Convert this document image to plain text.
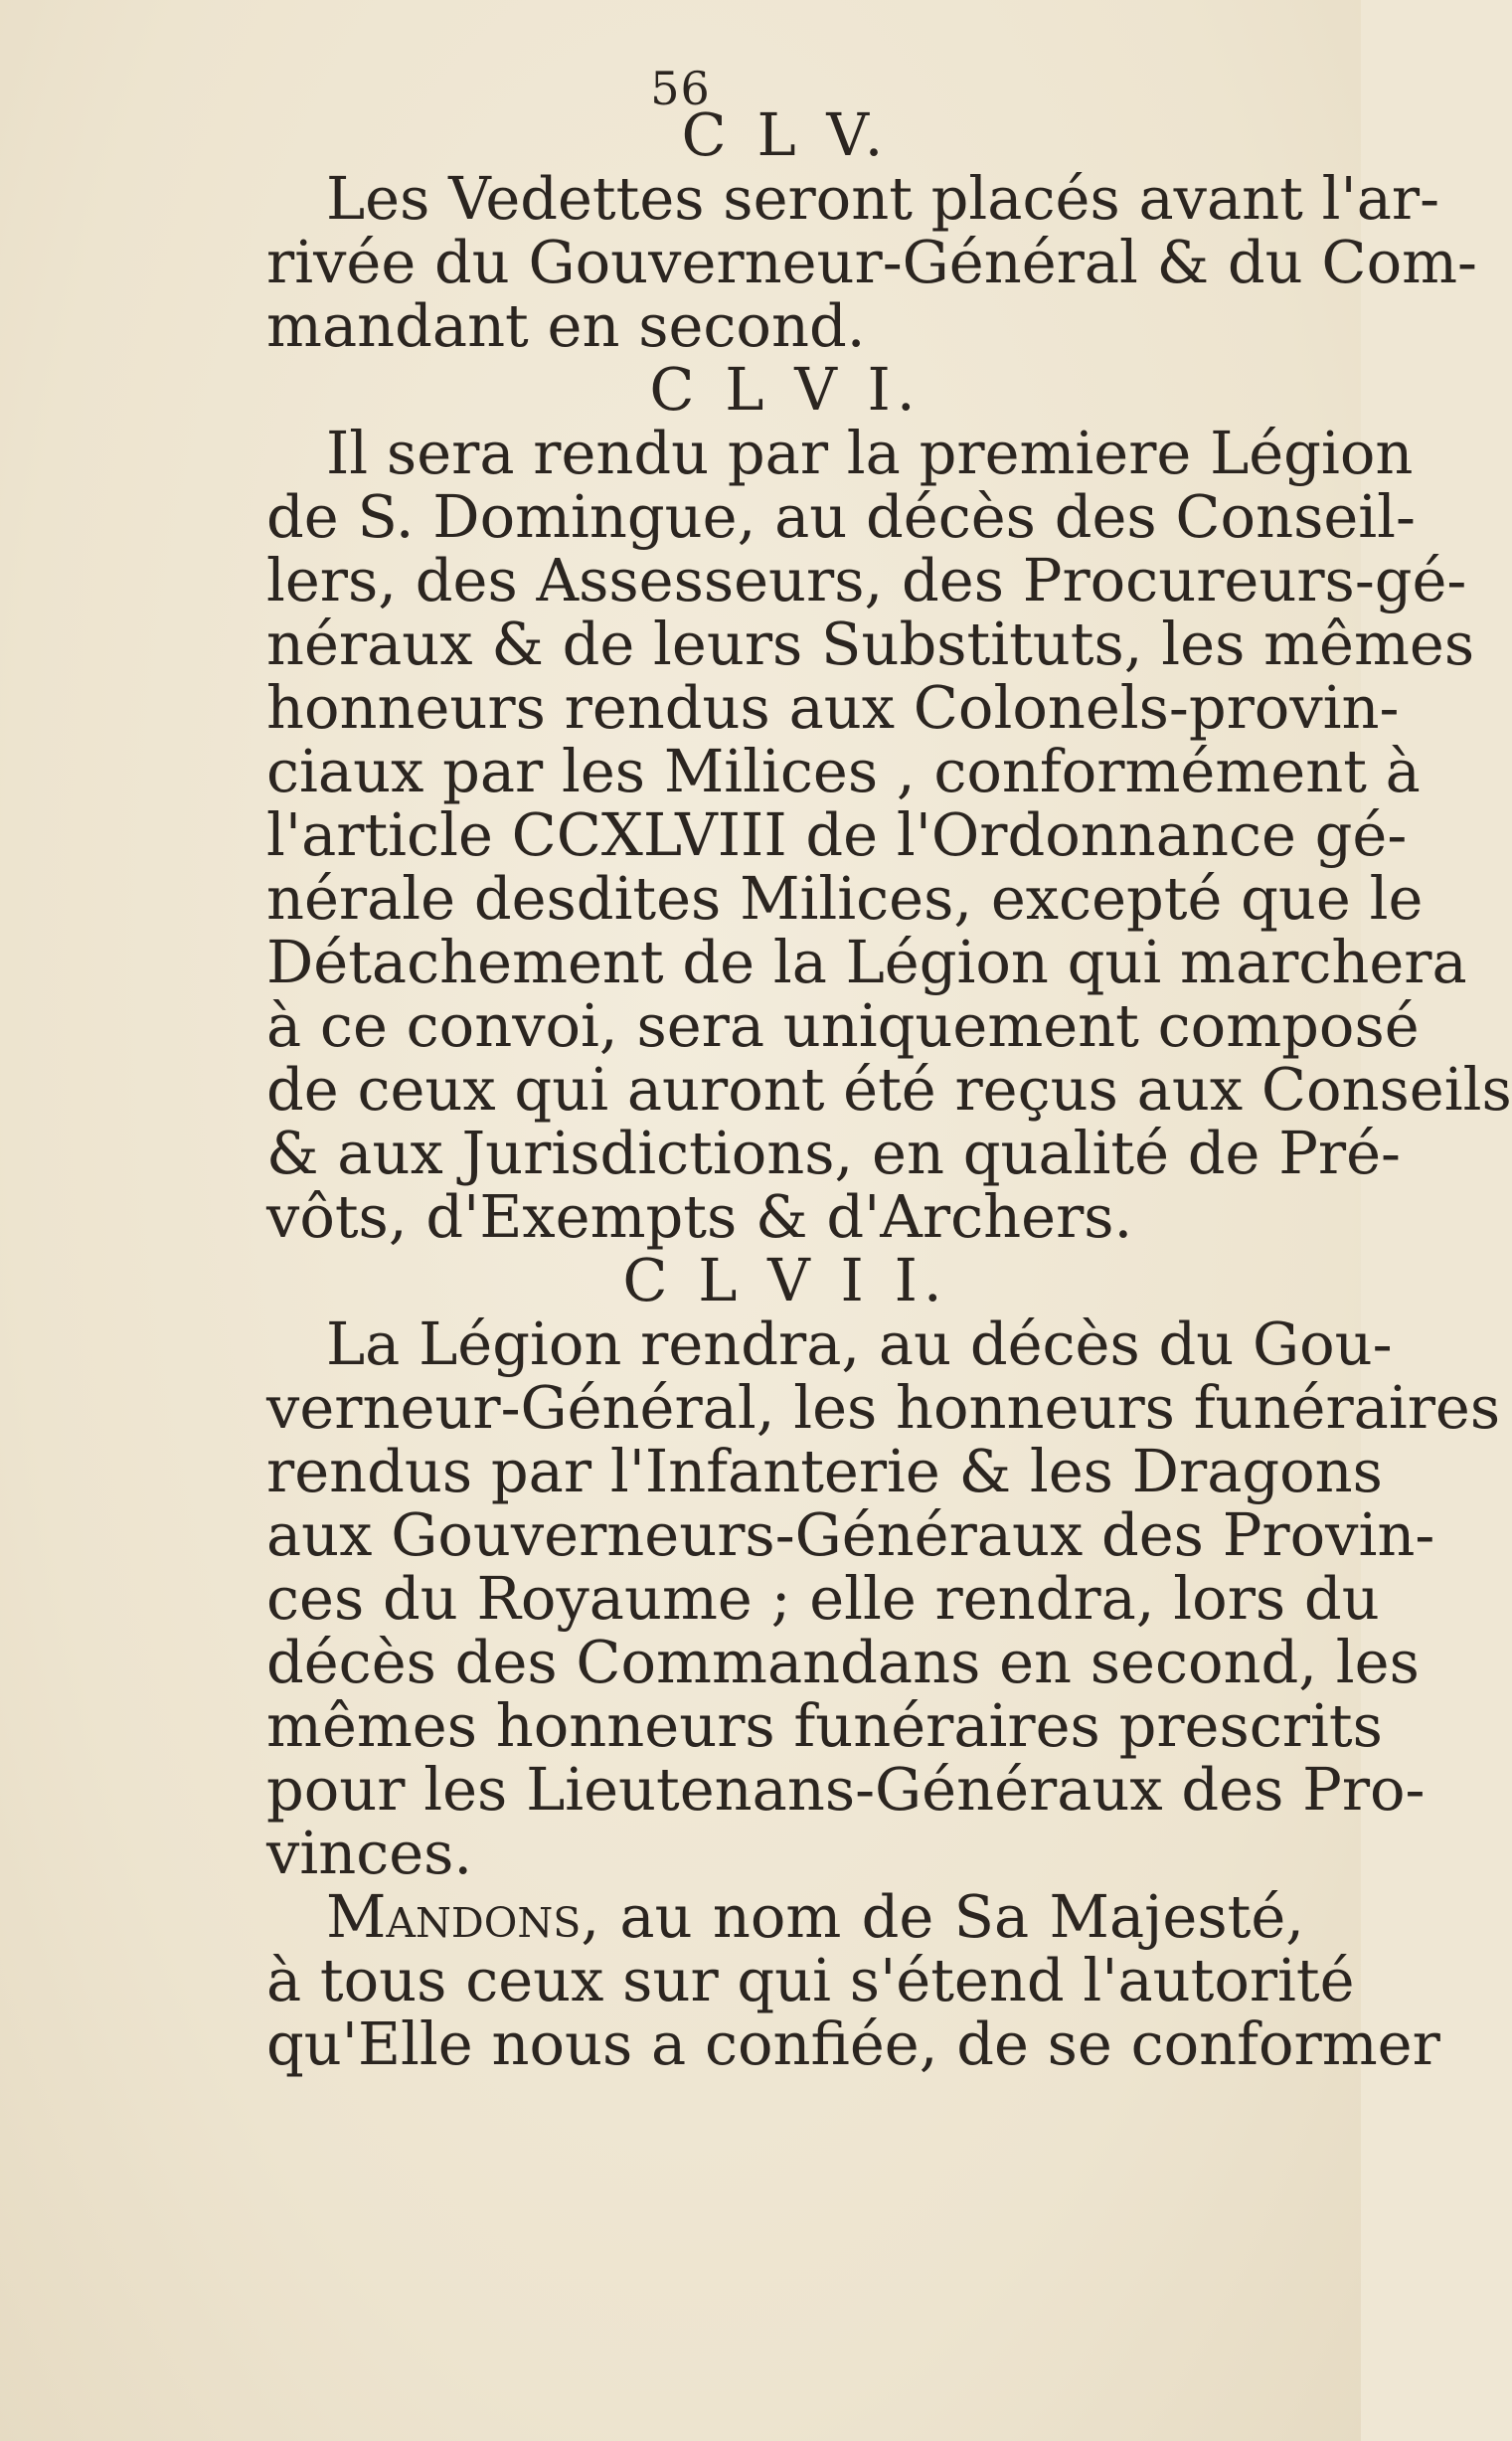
56
C L V.
Les Vedettes seront placés avant l'ar-
rivée du Gouverneur-Général & du Com-
mandant en second.
C L V I.
Il sera rendu par la premiere Légion
de S. Domingue, au décès des Conseil-
lers, des Assesseurs, des Procureurs-gé-
néraux & de leurs Substituts, les mêmes
honneurs rendus aux Colonels-provin-
ciaux par les Milices , conformément à
l'article CCXLVIII de l'Ordonnance gé-
nérale desdites Milices, excepté que le
Détachement de la Légion qui marchera
à ce convoi, sera uniquement composé
de ceux qui auront été reçus aux Conseils
& aux Jurisdictions, en qualité de Pré-
vôts, d'Exempts & d'Archers.
C L V I I.
La Légion rendra, au décès du Gou-
verneur-Général, les honneurs funéraires
rendus par l'Infanterie & les Dragons
aux Gouverneurs-Généraux des Provin-
ces du Royaume ; elle rendra, lors du
décès des Commandans en second, les
mêmes honneurs funéraires prescrits
pour les Lieutenans-Généraux des Pro-
vinces.
Mandons, au nom de Sa Majesté,
à tous ceux sur qui s'étend l'autorité
qu'Elle nous a confiée, de se conformer
